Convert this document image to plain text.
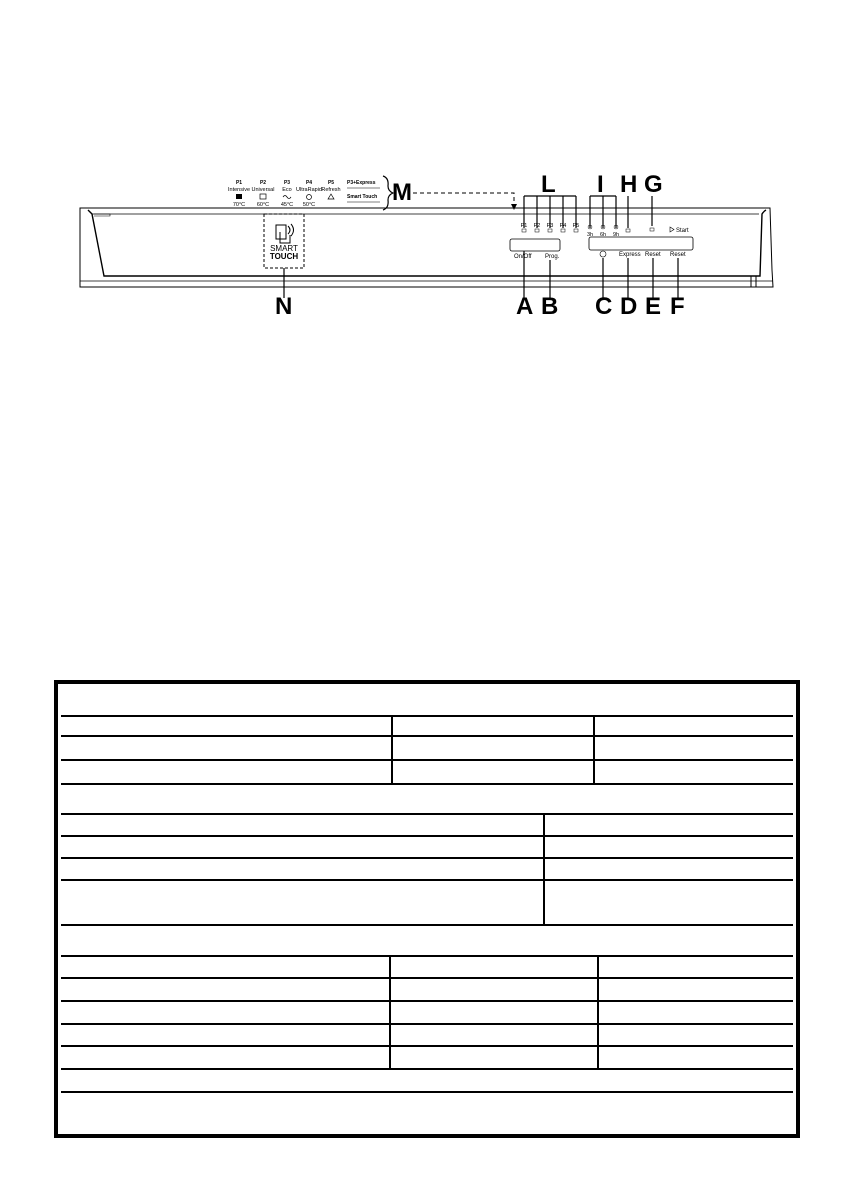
P1
Intensive
70°C
P2
Universal
60°C
P3
Eco
45°C
P4
UltraRapid
50°C
P5
Refresh
P3+Express
Smart Touch M	L I H G
P1 P2 P3 P4 P5
3h 6h 9h
Start
On/Off Prog.	Express Reset Reset
SMART
TOUCH
N	A B C D E F
